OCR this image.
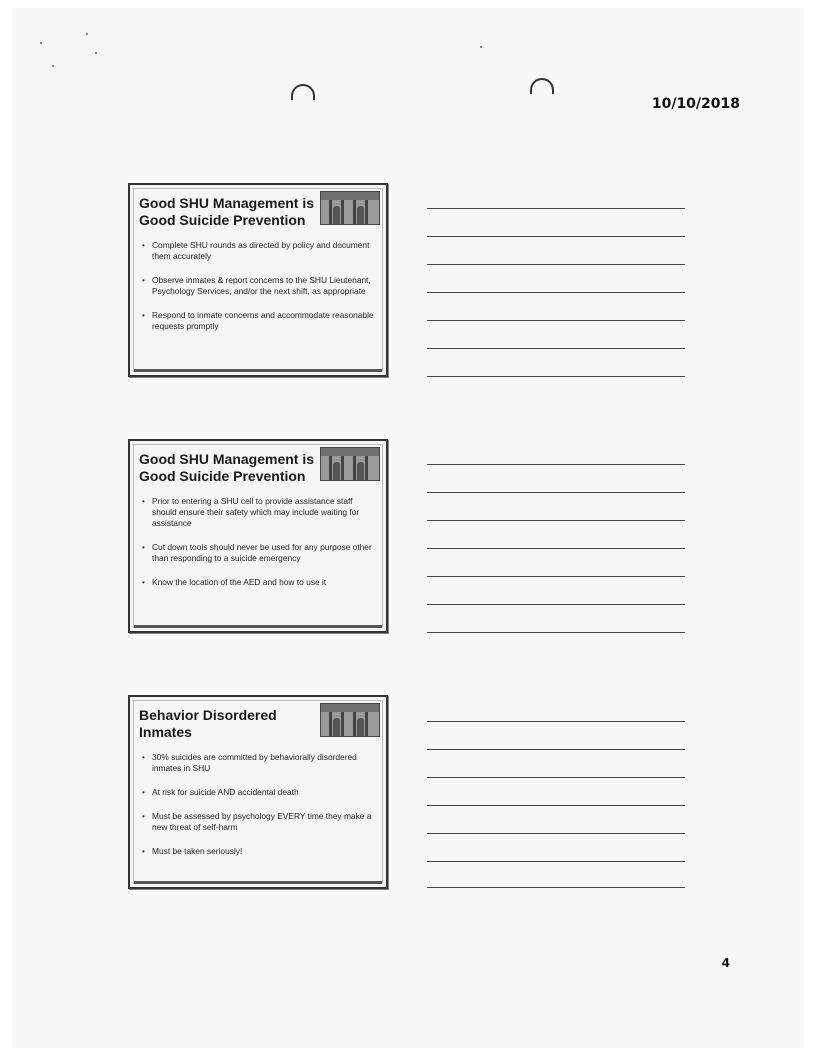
10/10/2018
Good SHU Management is Good Suicide Prevention
• Complete SHU rounds as directed by policy and document them accurately
• Observe inmates & report concerns to the SHU Lieutenant, Psychology Services, and/or the next shift, as appropriate
• Respond to inmate concerns and accommodate reasonable requests promptly
Good SHU Management is Good Suicide Prevention
• Prior to entering a SHU cell to provide assistance staff should ensure their safety which may include waiting for assistance
• Cut down tools should never be used for any purpose other than responding to a suicide emergency
• Know the location of the AED and how to use it
Behavior Disordered Inmates
• 30% suicides are committed by behaviorally disordered inmates in SHU
• At risk for suicide AND accidental death
• Must be assessed by psychology EVERY time they make a new threat of self-harm
• Must be taken seriously!
4
